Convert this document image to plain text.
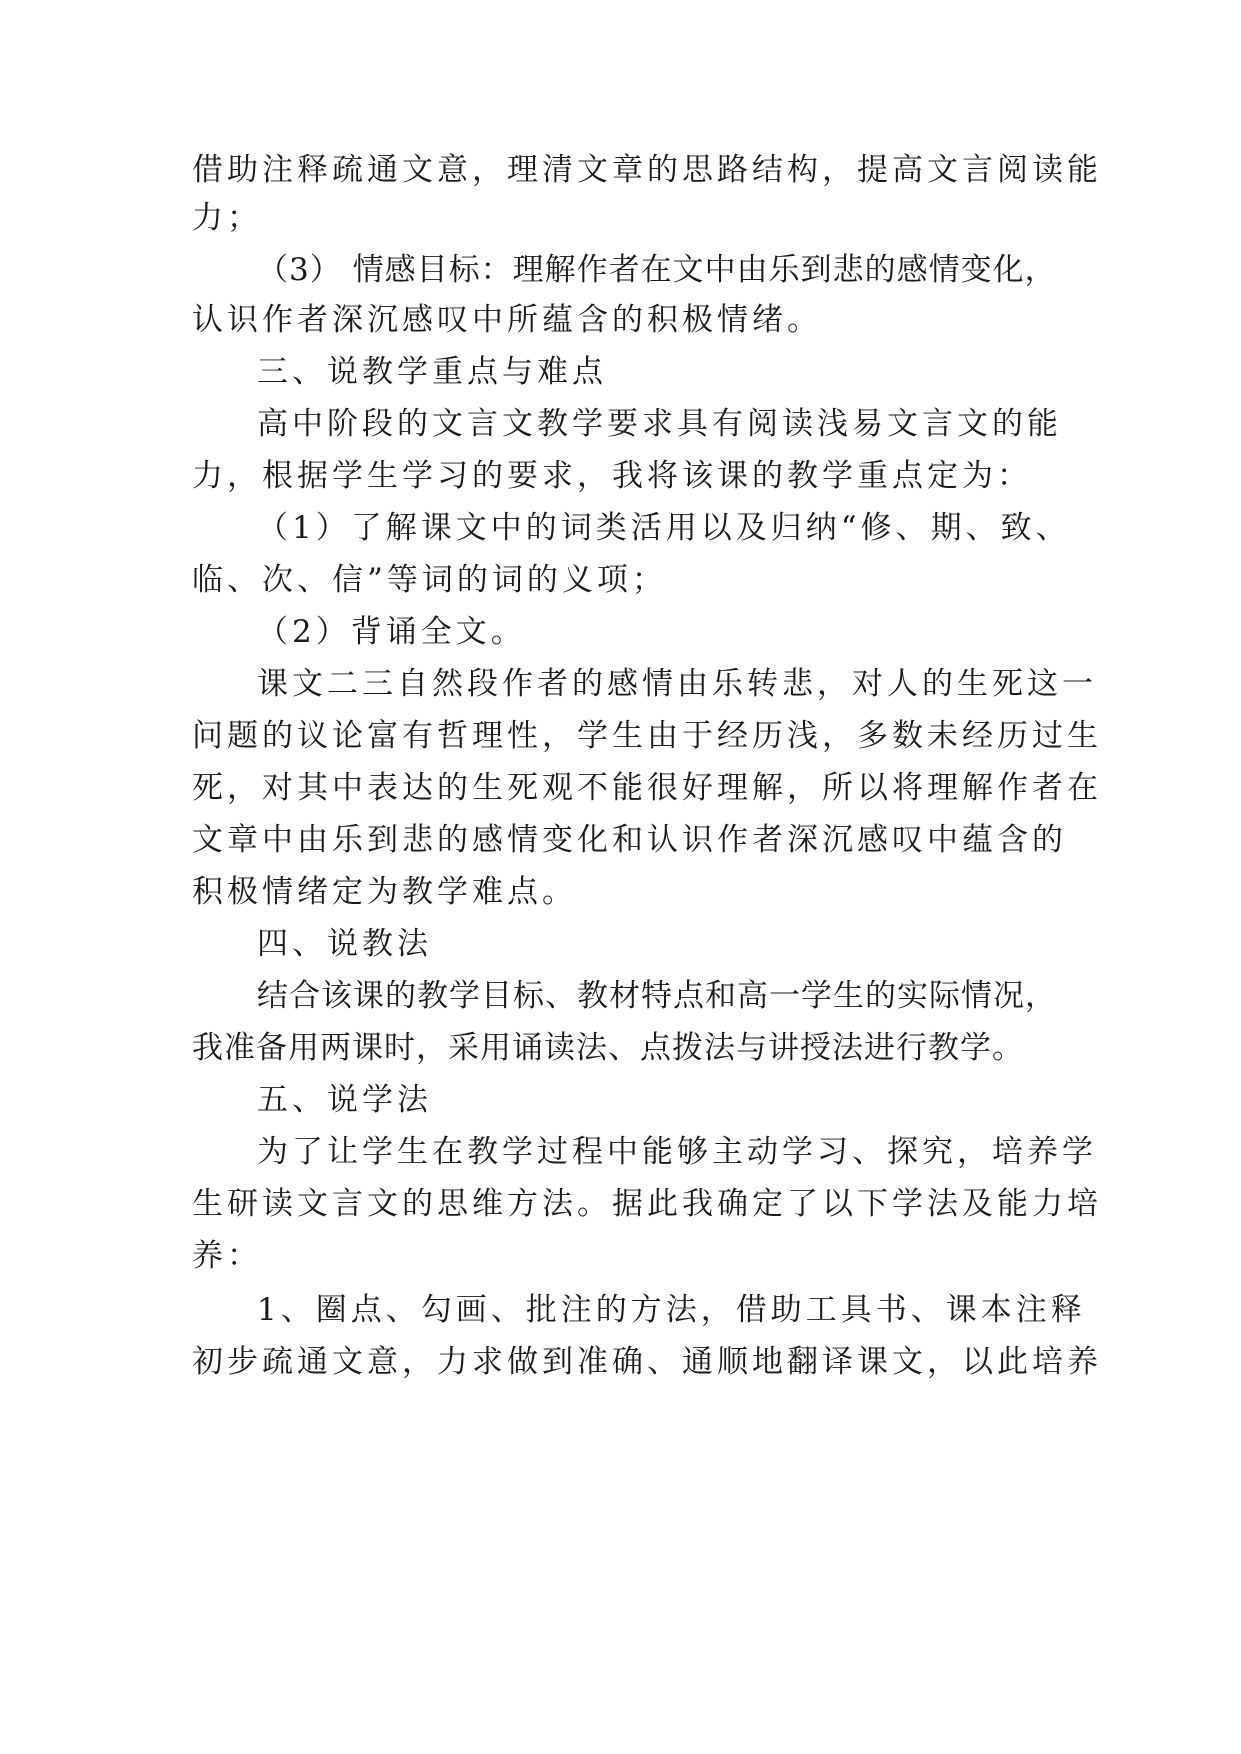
借助注释疏通文意，理清文章的思路结构，提高文言阅读能
力；
（3） 情感目标：理解作者在文中由乐到悲的感情变化，
认识作者深沉感叹中所蕴含的积极情绪。
三、说教学重点与难点
高中阶段的文言文教学要求具有阅读浅易文言文的能
力，根据学生学习的要求，我将该课的教学重点定为：
（1）了解课文中的词类活用以及归纳“修、期、致、
临、次、信”等词的词的义项；
（2）背诵全文。
课文二三自然段作者的感情由乐转悲，对人的生死这一
问题的议论富有哲理性，学生由于经历浅，多数未经历过生
死，对其中表达的生死观不能很好理解，所以将理解作者在
文章中由乐到悲的感情变化和认识作者深沉感叹中蕴含的
积极情绪定为教学难点。
四、说教法
结合该课的教学目标、教材特点和高一学生的实际情况，
我准备用两课时，采用诵读法、点拨法与讲授法进行教学。
五、说学法
为了让学生在教学过程中能够主动学习、探究，培养学
生研读文言文的思维方法。据此我确定了以下学法及能力培
养：
1、圈点、勾画、批注的方法，借助工具书、课本注释
初步疏通文意，力求做到准确、通顺地翻译课文，以此培养
